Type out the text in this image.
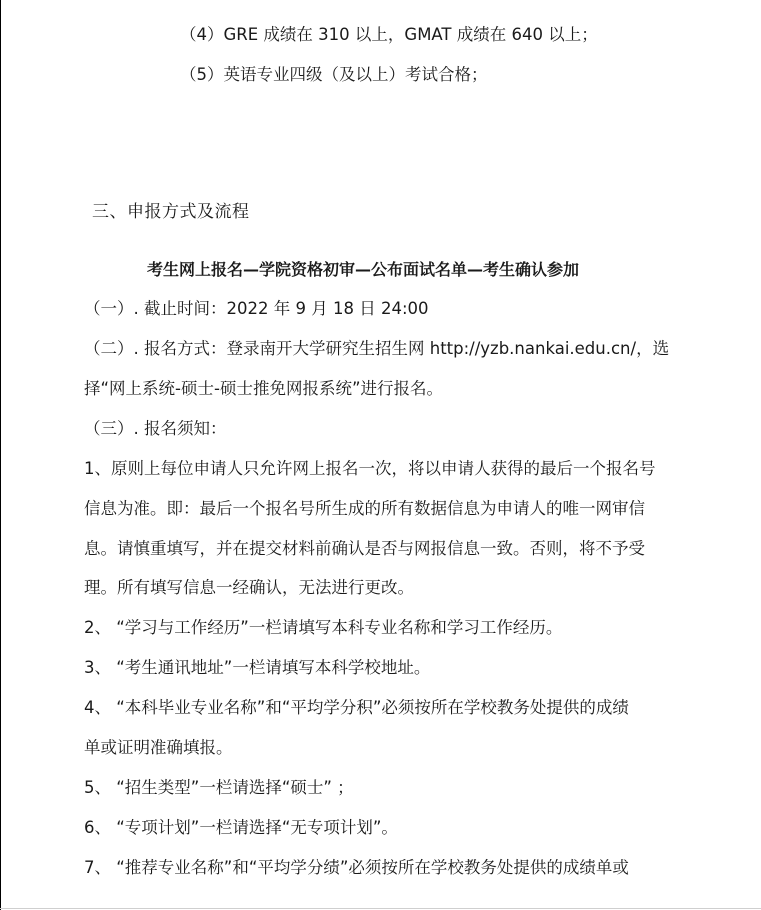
（4）GRE 成绩在 310 以上，GMAT 成绩在 640 以上；
（5）英语专业四级（及以上）考试合格；
三、申报方式及流程
考生网上报名—学院资格初审—公布面试名单—考生确认参加
（一）. 截止时间：2022 年 9 月 18 日 24:00
（二）. 报名方式：登录南开大学研究生招生网 http://yzb.nankai.edu.cn/，选
择“网上系统-硕士-硕士推免网报系统”进行报名。
（三）. 报名须知：
1、原则上每位申请人只允许网上报名一次，将以申请人获得的最后一个报名号
信息为准。即：最后一个报名号所生成的所有数据信息为申请人的唯一网审信
息。请慎重填写，并在提交材料前确认是否与网报信息一致。否则，将不予受
理。所有填写信息一经确认，无法进行更改。
2、 “学习与工作经历”一栏请填写本科专业名称和学习工作经历。
3、 “考生通讯地址”一栏请填写本科学校地址。
4、 “本科毕业专业名称”和“平均学分积”必须按所在学校教务处提供的成绩
单或证明准确填报。
5、 “招生类型”一栏请选择“硕士” ；
6、 “专项计划”一栏请选择“无专项计划”。
7、 “推荐专业名称”和“平均学分绩”必须按所在学校教务处提供的成绩单或
